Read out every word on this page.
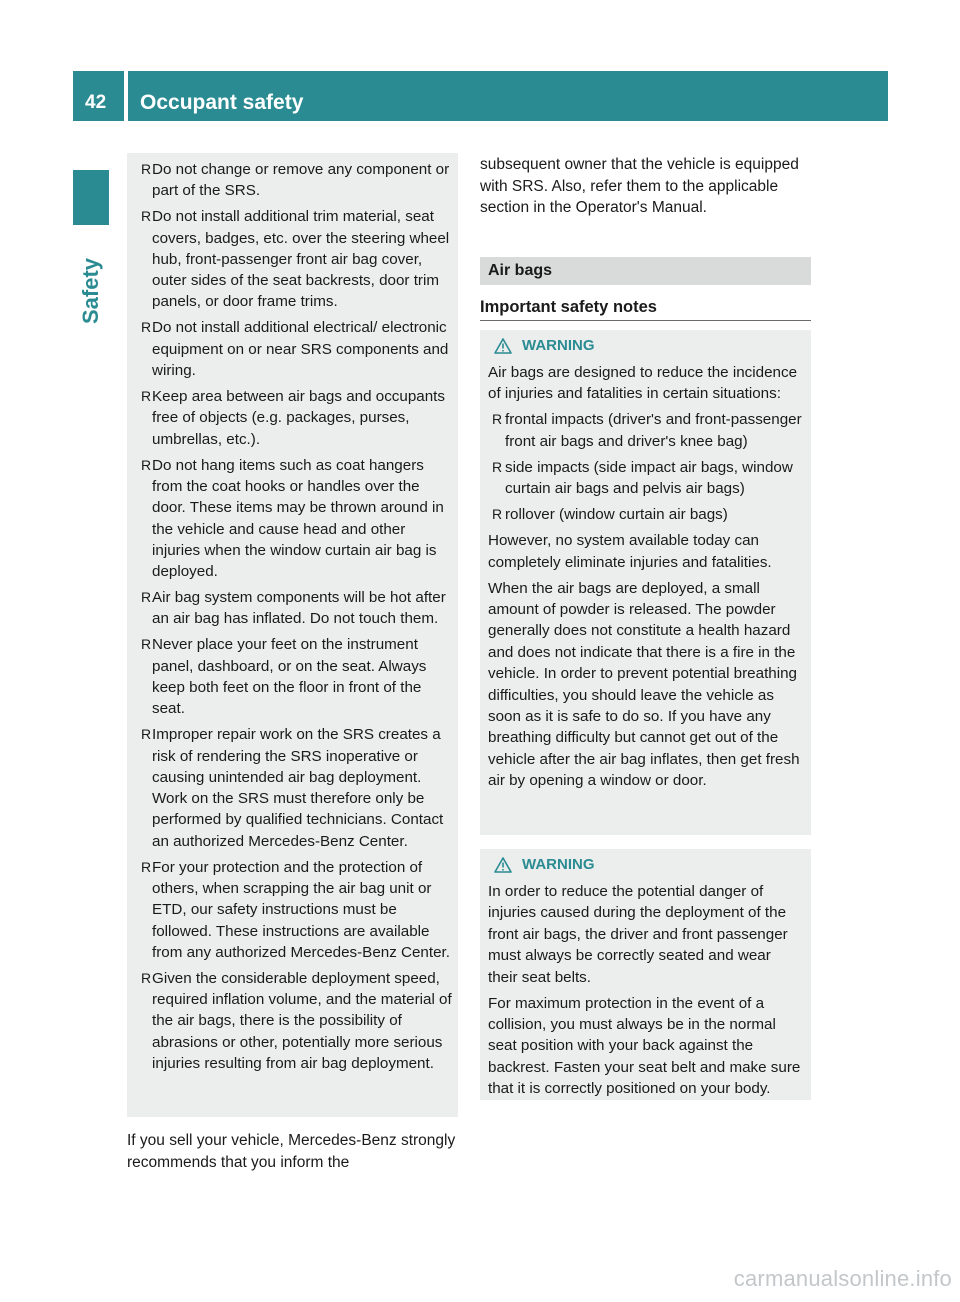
42	Occupant safety
Safety
R Do not change or remove any component or part of the SRS.
R Do not install additional trim material, seat covers, badges, etc. over the steering wheel hub, front-passenger front air bag cover, outer sides of the seat backrests, door trim panels, or door frame trims.
R Do not install additional electrical/ electronic equipment on or near SRS components and wiring.
R Keep area between air bags and occupants free of objects (e.g. packages, purses, umbrellas, etc.).
R Do not hang items such as coat hangers from the coat hooks or handles over the door. These items may be thrown around in the vehicle and cause head and other injuries when the window curtain air bag is deployed.
R Air bag system components will be hot after an air bag has inflated. Do not touch them.
R Never place your feet on the instrument panel, dashboard, or on the seat. Always keep both feet on the floor in front of the seat.
R Improper repair work on the SRS creates a risk of rendering the SRS inoperative or causing unintended air bag deployment. Work on the SRS must therefore only be performed by qualified technicians. Contact an authorized Mercedes-Benz Center.
R For your protection and the protection of others, when scrapping the air bag unit or ETD, our safety instructions must be followed. These instructions are available from any authorized Mercedes-Benz Center.
R Given the considerable deployment speed, required inflation volume, and the material of the air bags, there is the possibility of abrasions or other, potentially more serious injuries resulting from air bag deployment.

If you sell your vehicle, Mercedes-Benz strongly recommends that you inform the

subsequent owner that the vehicle is equipped with SRS. Also, refer them to the applicable section in the Operator's Manual.

Air bags
Important safety notes
WARNING

Air bags are designed to reduce the incidence of injuries and fatalities in certain situations:

R frontal impacts (driver's and front-passenger front air bags and driver's knee bag)
R side impacts (side impact air bags, window curtain air bags and pelvis air bags)
R rollover (window curtain air bags)

However, no system available today can completely eliminate injuries and fatalities.

When the air bags are deployed, a small amount of powder is released. The powder generally does not constitute a health hazard and does not indicate that there is a fire in the vehicle. In order to prevent potential breathing difficulties, you should leave the vehicle as soon as it is safe to do so. If you have any breathing difficulty but cannot get out of the vehicle after the air bag inflates, then get fresh air by opening a window or door.

WARNING

In order to reduce the potential danger of injuries caused during the deployment of the front air bags, the driver and front passenger must always be correctly seated and wear their seat belts.

For maximum protection in the event of a collision, you must always be in the normal seat position with your back against the backrest. Fasten your seat belt and make sure that it is correctly positioned on your body.

carmanualsonline.info
